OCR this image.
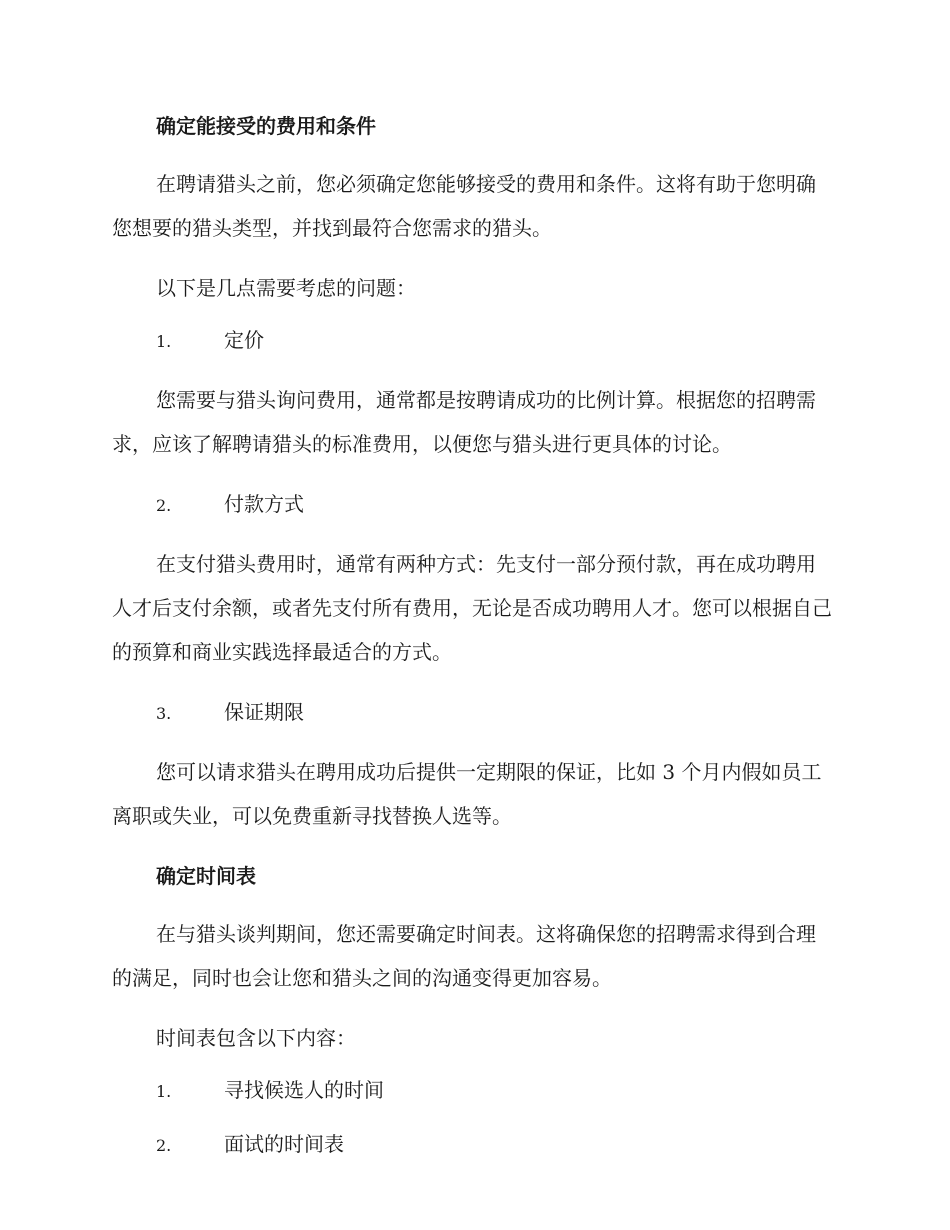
确定能接受的费用和条件
在聘请猎头之前，您必须确定您能够接受的费用和条件。这将有助于您明确您想要的猎头类型，并找到最符合您需求的猎头。
以下是几点需要考虑的问题：
1.	定价
您需要与猎头询问费用，通常都是按聘请成功的比例计算。根据您的招聘需求，应该了解聘请猎头的标准费用，以便您与猎头进行更具体的讨论。
2.	付款方式
在支付猎头费用时，通常有两种方式：先支付一部分预付款，再在成功聘用人才后支付余额，或者先支付所有费用，无论是否成功聘用人才。您可以根据自己的预算和商业实践选择最适合的方式。
3.	保证期限
您可以请求猎头在聘用成功后提供一定期限的保证，比如 3 个月内假如员工离职或失业，可以免费重新寻找替换人选等。
确定时间表
在与猎头谈判期间，您还需要确定时间表。这将确保您的招聘需求得到合理的满足，同时也会让您和猎头之间的沟通变得更加容易。
时间表包含以下内容：
1.	寻找候选人的时间
2.	面试的时间表
